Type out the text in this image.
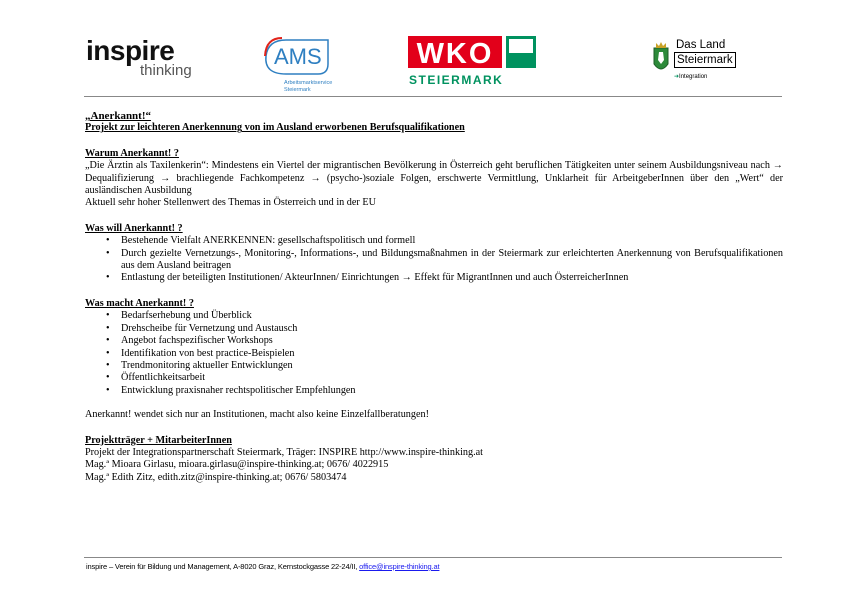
inspire
thinking
AMS
Arbeitsmarktservice
Steiermark
WKO
STEIERMARK
Das Land
Steiermark
➜Integration

„Anerkannt!“

Projekt zur leichteren Anerkennung von im Ausland erworbenen Berufsqualifikationen

Warum Anerkannt! ?

„Die Ärztin als Taxilenkerin“: Mindestens ein Viertel der migrantischen Bevölkerung in Österreich geht beruflichen Tätigkeiten unter seinem Ausbildungsniveau nach → Dequalifizierung → brachliegende Fachkompetenz → (psycho-)soziale Folgen, erschwerte Vermittlung, Unklarheit für ArbeitgeberInnen über den „Wert“ der ausländischen Ausbildung

Aktuell sehr hoher Stellenwert des Themas in Österreich und in der EU

Was will Anerkannt! ?

• Bestehende Vielfalt ANERKENNEN: gesellschaftspolitisch und formell
• Durch gezielte Vernetzungs-, Monitoring-, Informations-, und Bildungsmaßnahmen in der Steiermark zur erleichterten Anerkennung von Berufsqualifikationen aus dem Ausland beitragen
• Entlastung der beteiligten Institutionen/ AkteurInnen/ Einrichtungen → Effekt für MigrantInnen und auch ÖsterreicherInnen

Was macht Anerkannt! ?

• Bedarfserhebung und Überblick
• Drehscheibe für Vernetzung und Austausch
• Angebot fachspezifischer Workshops
• Identifikation von best practice-Beispielen
• Trendmonitoring aktueller Entwicklungen
• Öffentlichkeitsarbeit
• Entwicklung praxisnaher rechtspolitischer Empfehlungen

Anerkannt! wendet sich nur an Institutionen, macht also keine Einzelfallberatungen!

Projektträger + MitarbeiterInnen

Projekt der Integrationspartnerschaft Steiermark, Träger: INSPIRE http://www.inspire-thinking.at

Mag.ª Mioara Girlasu, mioara.girlasu@inspire-thinking.at; 0676/ 4022915

Mag.ª Edith Zitz, edith.zitz@inspire-thinking.at; 0676/ 5803474

inspire – Verein für Bildung und Management, A-8020 Graz, Kernstockgasse 22-24/II, office@inspire-thinking.at
